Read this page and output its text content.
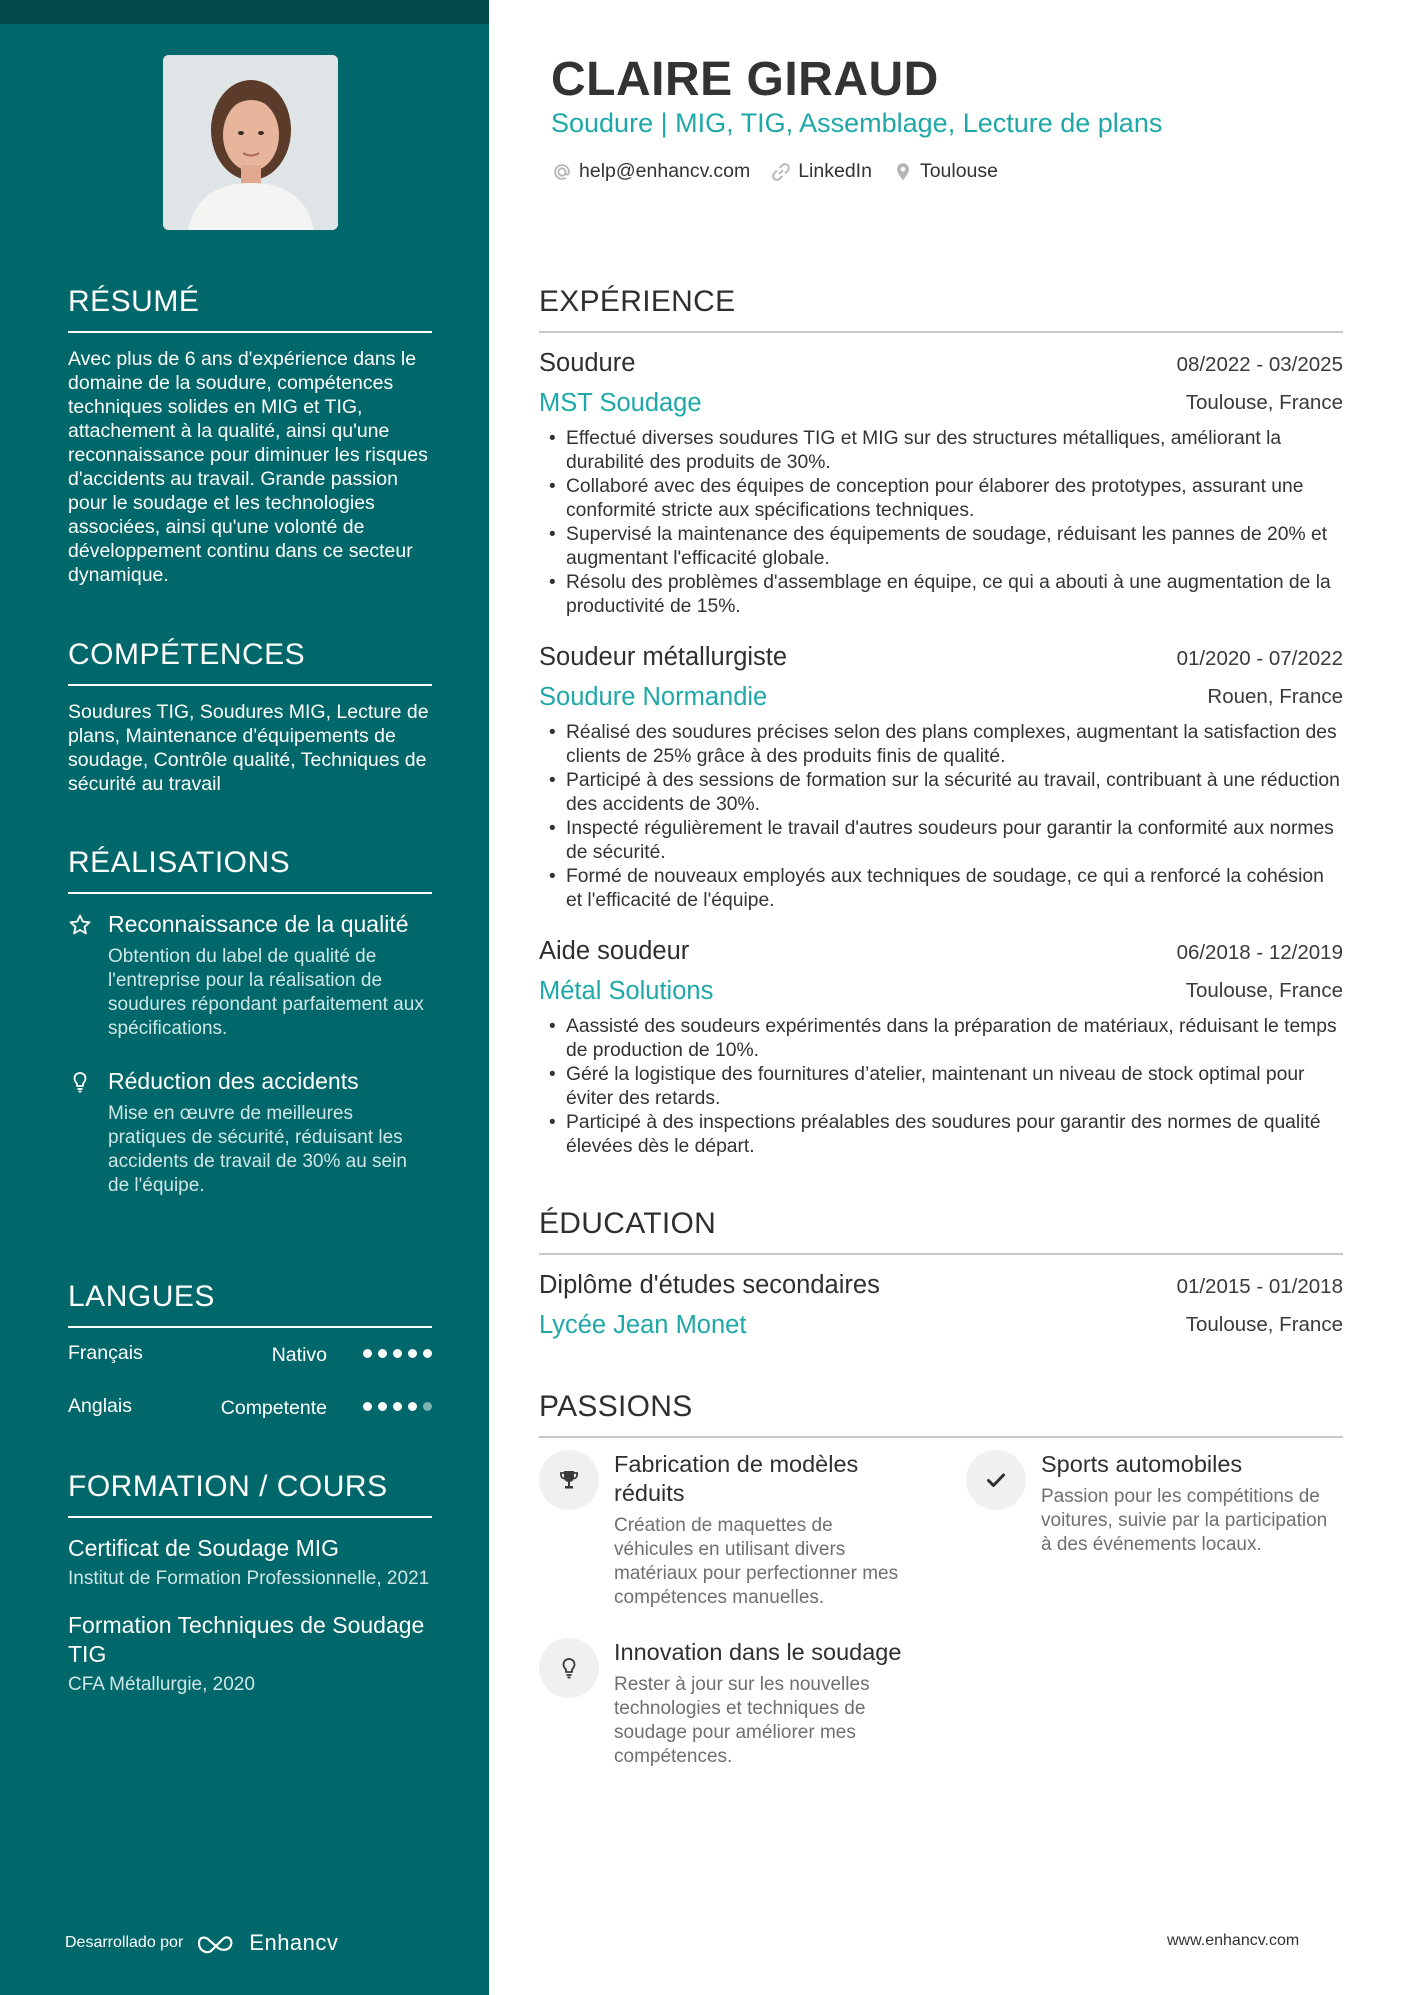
RÉSUMÉ
Avec plus de 6 ans d'expérience dans le domaine de la soudure, compétences techniques solides en MIG et TIG, attachement à la qualité, ainsi qu'une reconnaissance pour diminuer les risques d'accidents au travail. Grande passion pour le soudage et les technologies associées, ainsi qu'une volonté de développement continu dans ce secteur dynamique.
COMPÉTENCES
Soudures TIG, Soudures MIG, Lecture de plans, Maintenance d'équipements de soudage, Contrôle qualité, Techniques de sécurité au travail
RÉALISATIONS
Reconnaissance de la qualité
Obtention du label de qualité de l'entreprise pour la réalisation de soudures répondant parfaitement aux spécifications.
Réduction des accidents
Mise en œuvre de meilleures pratiques de sécurité, réduisant les accidents de travail de 30% au sein de l'équipe.
LANGUES
Français	Nativo
Anglais	Competente
FORMATION / COURS
Certificat de Soudage MIG
Institut de Formation Professionnelle, 2021
Formation Techniques de Soudage TIG
CFA Métallurgie, 2020
Desarrollado por	Enhancv
CLAIRE GIRAUD
Soudure | MIG, TIG, Assemblage, Lecture de plans
help@enhancv.com LinkedIn Toulouse
EXPÉRIENCE
Soudure	08/2022 - 03/2025
MST Soudage	Toulouse, France
• Effectué diverses soudures TIG et MIG sur des structures métalliques, améliorant la durabilité des produits de 30%.
• Collaboré avec des équipes de conception pour élaborer des prototypes, assurant une conformité stricte aux spécifications techniques.
• Supervisé la maintenance des équipements de soudage, réduisant les pannes de 20% et augmentant l'efficacité globale.
• Résolu des problèmes d'assemblage en équipe, ce qui a abouti à une augmentation de la productivité de 15%.
Soudeur métallurgiste	01/2020 - 07/2022
Soudure Normandie	Rouen, France
• Réalisé des soudures précises selon des plans complexes, augmentant la satisfaction des clients de 25% grâce à des produits finis de qualité.
• Participé à des sessions de formation sur la sécurité au travail, contribuant à une réduction des accidents de 30%.
• Inspecté régulièrement le travail d'autres soudeurs pour garantir la conformité aux normes de sécurité.
• Formé de nouveaux employés aux techniques de soudage, ce qui a renforcé la cohésion et l'efficacité de l'équipe.
Aide soudeur	06/2018 - 12/2019
Métal Solutions	Toulouse, France
• Aassisté des soudeurs expérimentés dans la préparation de matériaux, réduisant le temps de production de 10%.
• Géré la logistique des fournitures d’atelier, maintenant un niveau de stock optimal pour éviter des retards.
• Participé à des inspections préalables des soudures pour garantir des normes de qualité élevées dès le départ.
ÉDUCATION
Diplôme d'études secondaires	01/2015 - 01/2018
Lycée Jean Monet	Toulouse, France
PASSIONS
Fabrication de modèles réduits
Création de maquettes de véhicules en utilisant divers matériaux pour perfectionner mes compétences manuelles.
Sports automobiles
Passion pour les compétitions de voitures, suivie par la participation à des événements locaux.
Innovation dans le soudage
Rester à jour sur les nouvelles technologies et techniques de soudage pour améliorer mes compétences.
www.enhancv.com
